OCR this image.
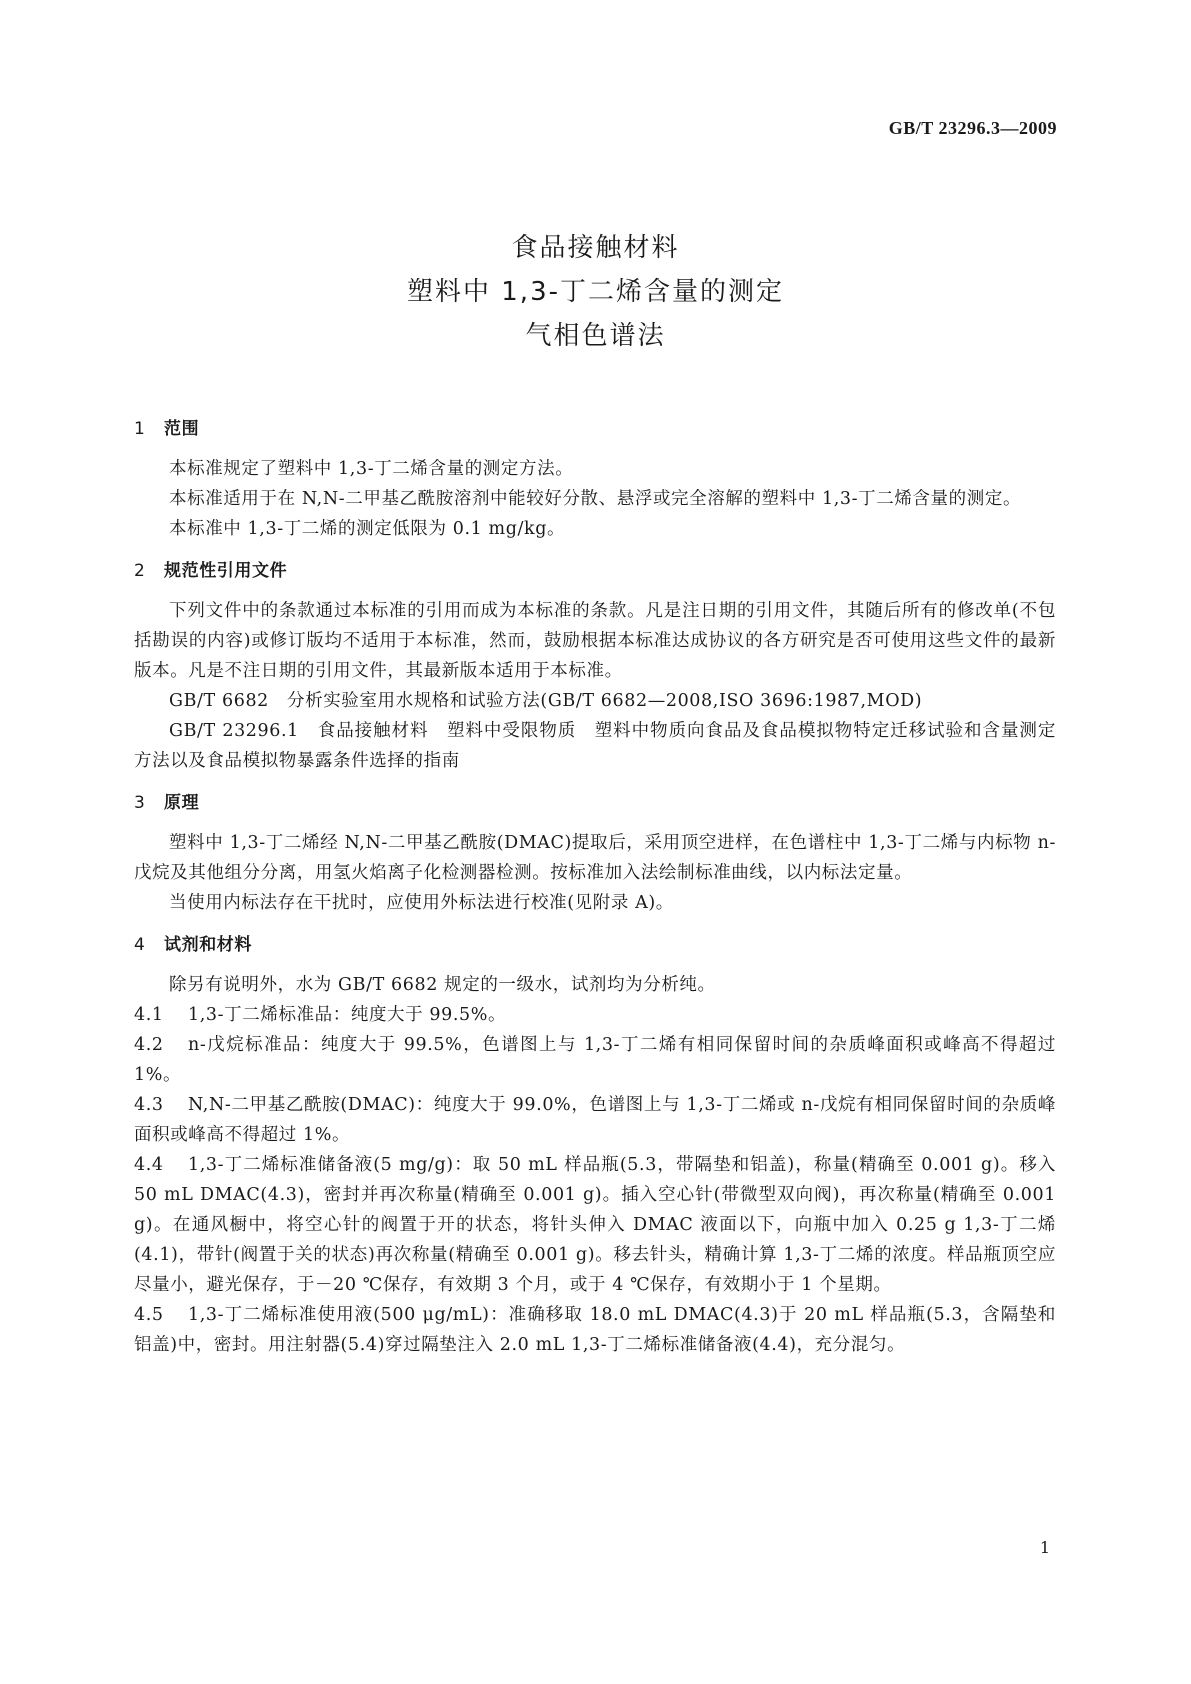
GB/T 23296.3—2009
食品接触材料
塑料中 1,3-丁二烯含量的测定
气相色谱法
1 范围

本标准规定了塑料中 1,3-丁二烯含量的测定方法。

本标准适用于在 N,N-二甲基乙酰胺溶剂中能较好分散、悬浮或完全溶解的塑料中 1,3-丁二烯含量的测定。

本标准中 1,3-丁二烯的测定低限为 0.1 mg/kg。

2 规范性引用文件

下列文件中的条款通过本标准的引用而成为本标准的条款。凡是注日期的引用文件，其随后所有的修改单(不包括勘误的内容)或修订版均不适用于本标准，然而，鼓励根据本标准达成协议的各方研究是否可使用这些文件的最新版本。凡是不注日期的引用文件，其最新版本适用于本标准。

GB/T 6682　分析实验室用水规格和试验方法(GB/T 6682—2008,ISO 3696:1987,MOD)

GB/T 23296.1　食品接触材料　塑料中受限物质　塑料中物质向食品及食品模拟物特定迁移试验和含量测定方法以及食品模拟物暴露条件选择的指南

3 原理

塑料中 1,3-丁二烯经 N,N-二甲基乙酰胺(DMAC)提取后，采用顶空进样，在色谱柱中 1,3-丁二烯与内标物 n-戊烷及其他组分分离，用氢火焰离子化检测器检测。按标准加入法绘制标准曲线，以内标法定量。

当使用内标法存在干扰时，应使用外标法进行校准(见附录 A)。

4 试剂和材料

除另有说明外，水为 GB/T 6682 规定的一级水，试剂均为分析纯。

4.1 1,3-丁二烯标准品：纯度大于 99.5%。

4.2 n-戊烷标准品：纯度大于 99.5%，色谱图上与 1,3-丁二烯有相同保留时间的杂质峰面积或峰高不得超过 1%。

4.3 N,N-二甲基乙酰胺(DMAC)：纯度大于 99.0%，色谱图上与 1,3-丁二烯或 n-戊烷有相同保留时间的杂质峰面积或峰高不得超过 1%。

4.4 1,3-丁二烯标准储备液(5 mg/g)：取 50 mL 样品瓶(5.3，带隔垫和铝盖)，称量(精确至 0.001 g)。移入 50 mL DMAC(4.3)，密封并再次称量(精确至 0.001 g)。插入空心针(带微型双向阀)，再次称量(精确至 0.001 g)。在通风橱中，将空心针的阀置于开的状态，将针头伸入 DMAC 液面以下，向瓶中加入 0.25 g 1,3-丁二烯(4.1)，带针(阀置于关的状态)再次称量(精确至 0.001 g)。移去针头，精确计算 1,3-丁二烯的浓度。样品瓶顶空应尽量小，避光保存，于－20 ℃保存，有效期 3 个月，或于 4 ℃保存，有效期小于 1 个星期。

4.5 1,3-丁二烯标准使用液(500 μg/mL)：准确移取 18.0 mL DMAC(4.3)于 20 mL 样品瓶(5.3，含隔垫和铝盖)中，密封。用注射器(5.4)穿过隔垫注入 2.0 mL 1,3-丁二烯标准储备液(4.4)，充分混匀。

1
